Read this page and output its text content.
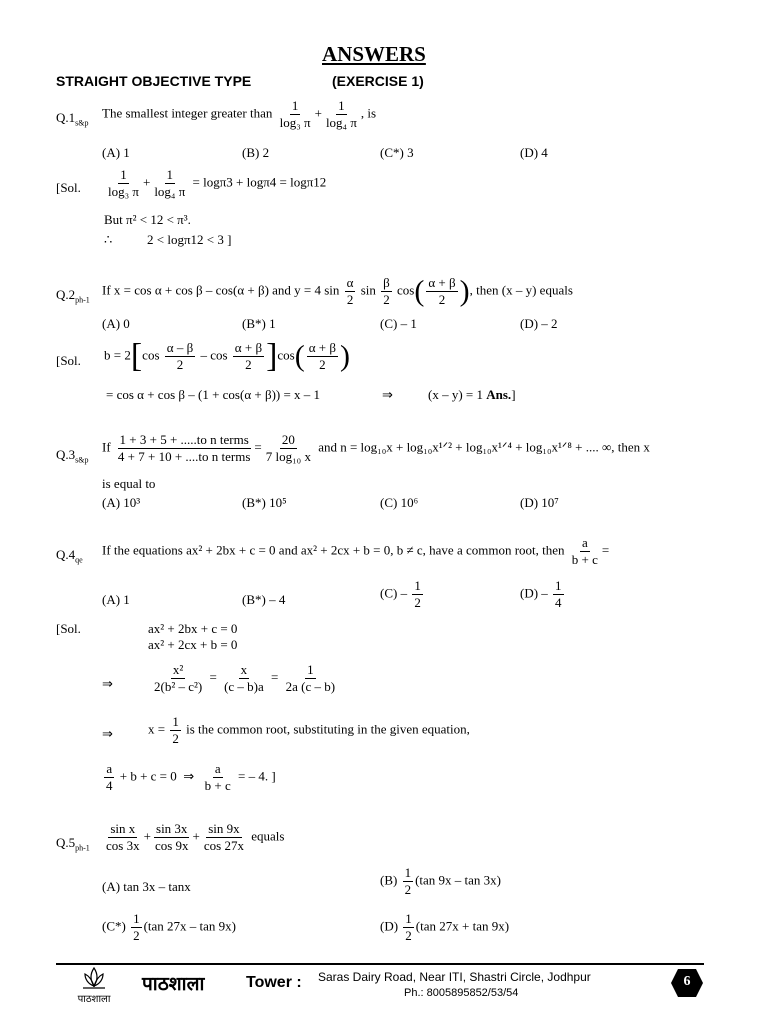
ANSWERS
STRAIGHT OBJECTIVE TYPE	(EXERCISE 1)
$Q.1_{s\&p}$
The smallest integer greater than $\frac{1}{\text{log₃ π}} + \frac{1}{\text{log₄ π}}$ , is
(A) 1	(B) 2	(C*) 3	(D) 4
[Sol. $\frac{1}{\text{log₃ π}} + \frac{1}{\text{log₄ π}} = \log\pi 3 + \log\pi 4 = \log\pi 12$
But π² < 12 < π³.
∴	2 < logπ12 < 3 ]
$Q.2_{ph-1}$
If x = cos α + cos β – cos(α + β) and y = 4 $\sin \frac{\alpha}{2}$ $\sin \frac{\beta}{2} \cos( \frac{\alpha + \beta}{2}$ ), then (x – y) equals
(A) 0	(B*) 1	(C) – 1	(D) – 2
[Sol. $b = 2[\cos \frac{\alpha - \beta}{2} - \cos \frac{\alpha + \beta}{2} ]\cos( \frac{\alpha + \beta}{2}$ )
= cos α + cos β – (1 + cos(α + β)) = x – 1	⇒	(x – y) = 1 Ans.]
$Q.3_{s\&p}$
If $\frac{\text{1 + 3 + 5 + .....to n terms}}{\text{4 + 7 + 10 + ....to n terms}} = \frac{20}{\text{7 log₁₀ x}}$ and n = log₁₀x + log₁₀x¹ᐟ² + log₁₀x¹ᐟ⁴ + log₁₀x¹ᐟ⁸ + .... ∞, then x
is equal to
(A) 10³	(B*) 10⁵	(C) 10⁶	(D) 10⁷
$Q.4_{qe}$
If the equations ax² + 2bx + c = 0 and ax² + 2cx + b = 0, b ≠ c, have a common root, then $\frac{a}{b + c}$ =
(A) 1	(B*) – 4	$(C) - \frac{1}{2}$	$(D) - \frac{1}{4}$
[Sol.	ax² + 2bx + c = 0
ax² + 2cx + b = 0
⇒	$\frac{\text{x²}}{\text{2(b² – c²)}} = \frac{x}{(c - b)a} = \frac{1}{2a (c - b)}$
⇒	$x = \frac{1}{2}$ is the common root, substituting in the given equation,
$\frac{a}{4} + b + c = 0$ ⇒ $\frac{a}{b + c}$ = – 4. ]
$Q.5_{ph-1} \frac{\text{sin x}}{\cos 3x} + \frac{\sin 3x}{\cos 9x} + \frac{\sin 9x}{\cos 27x}$ equals
(A) tan 3x – tanx	$(B) \frac{1}{2} (\tan$ 9x – tan 3x)
$(C*) \frac{1}{2} (\tan$ 27x – tan 9x)	$(D) \frac{1}{2} (\tan$ 27x + tan 9x)
पाठशाला
पाठशाला	Tower : Saras Dairy Road, Near ITI, Shastri Circle, Jodhpur
Ph.: 8005895852/53/54
6
